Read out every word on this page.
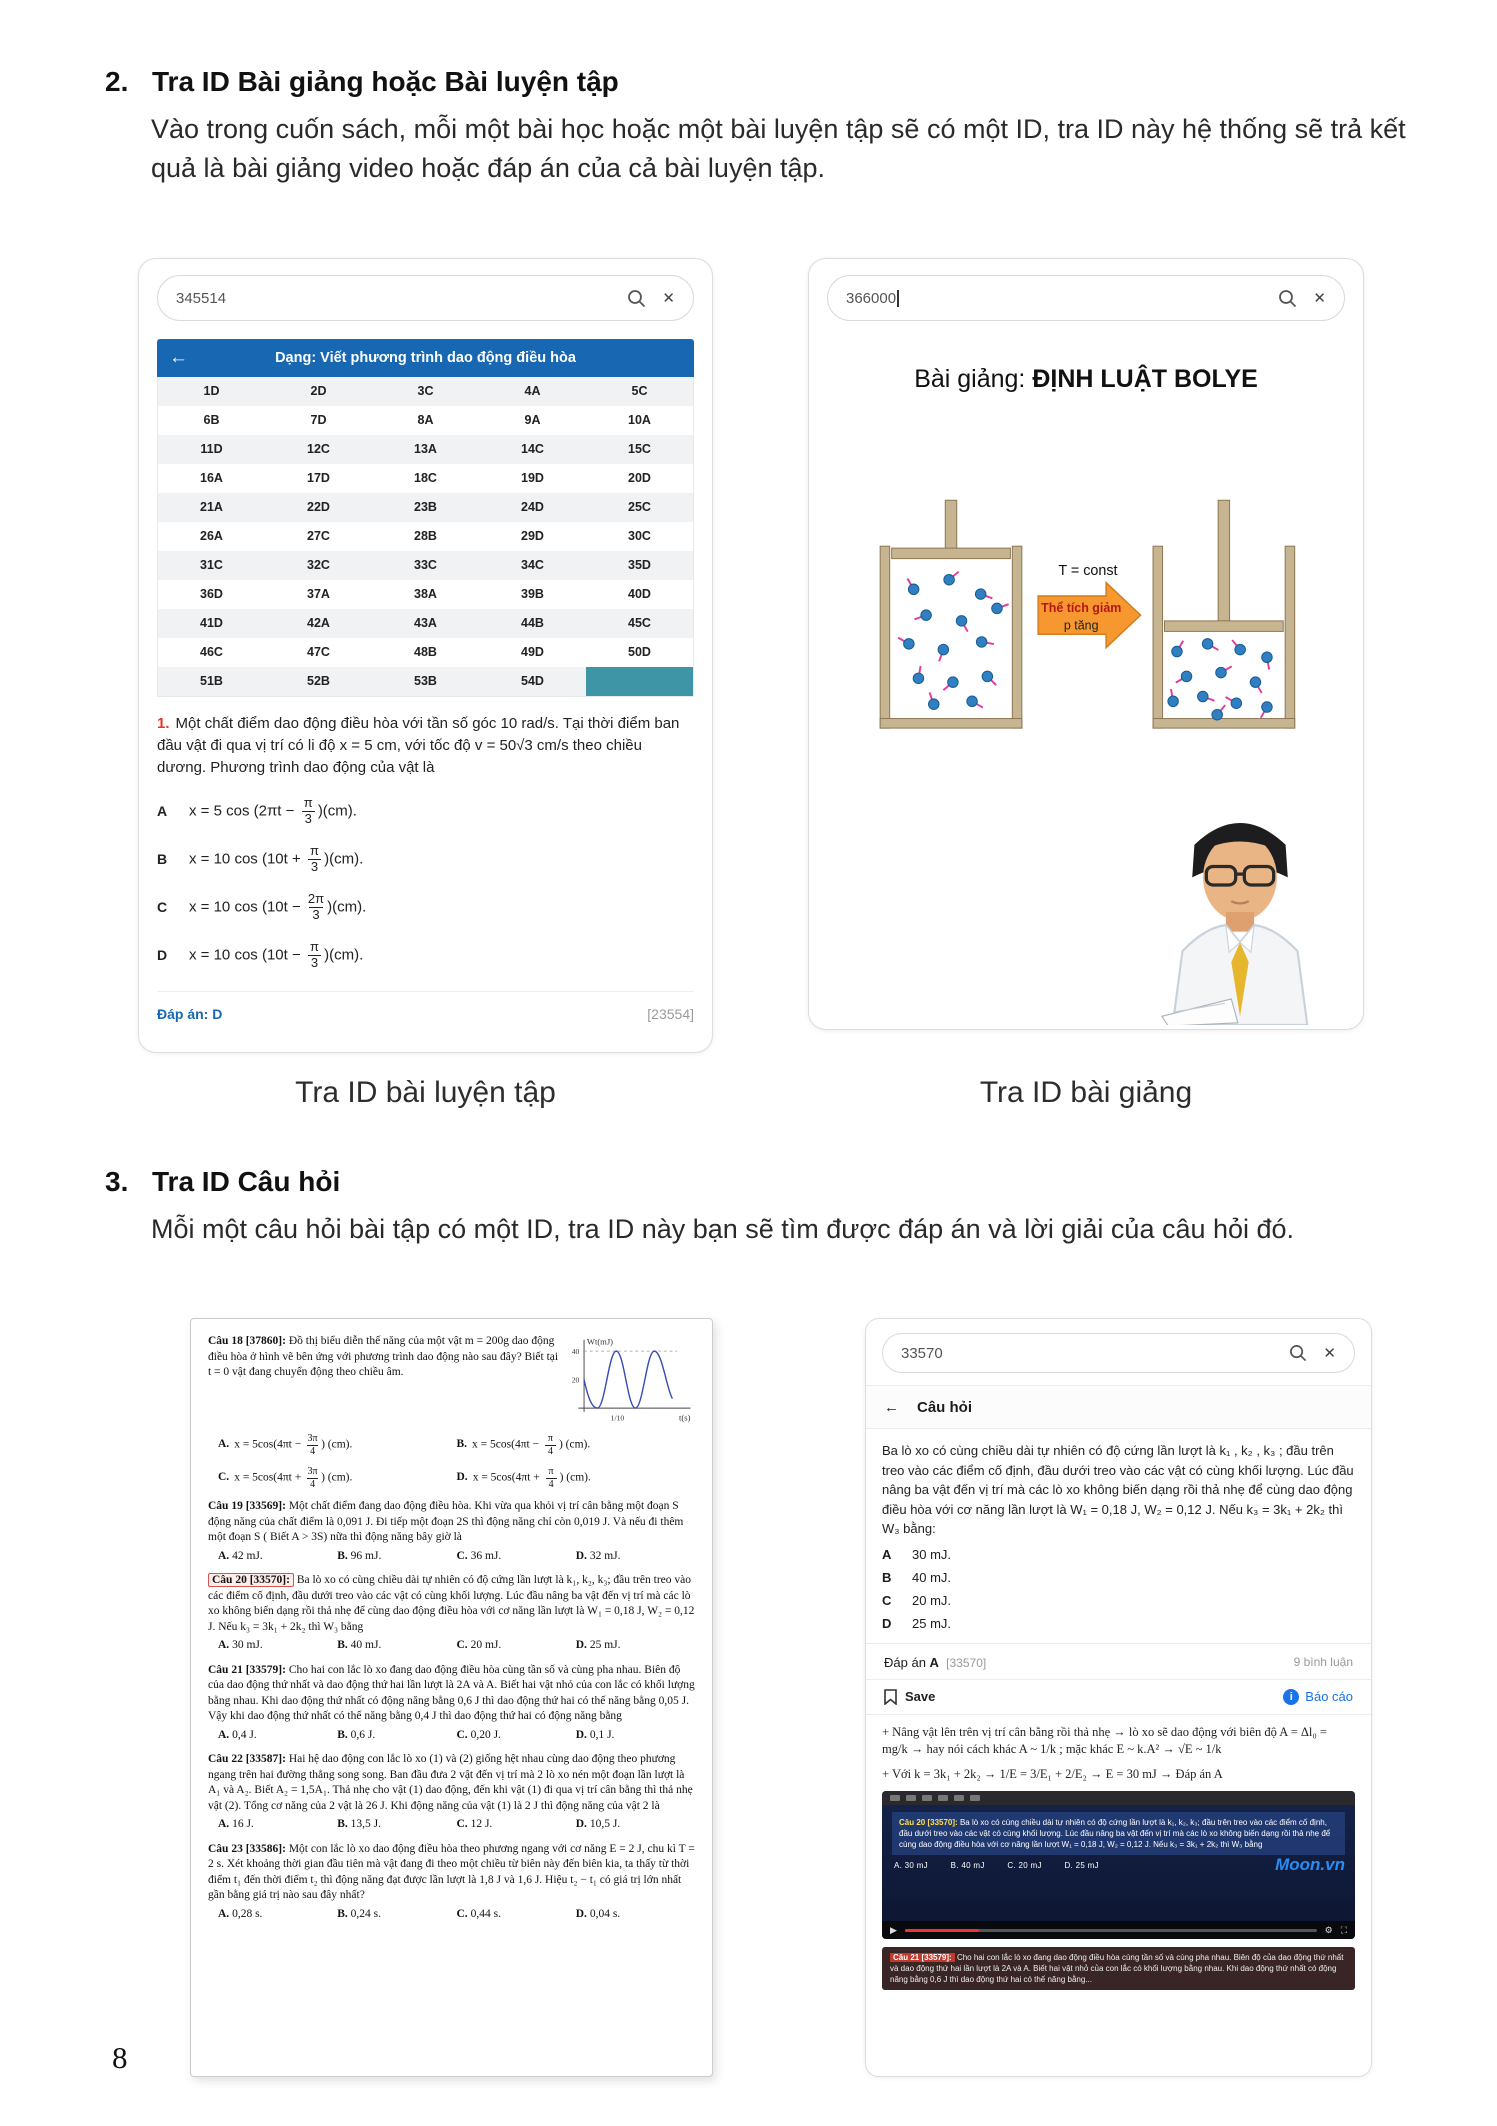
2. Tra ID Bài giảng hoặc Bài luyện tập
Vào trong cuốn sách, mỗi một bài học hoặc một bài luyện tập sẽ có một ID, tra ID này hệ thống sẽ trả kết quả là bài giảng video hoặc đáp án của cả bài luyện tập.
345514	✕
←	Dạng: Viết phương trình dao động điều hòa
1D	2D	3C	4A	5C
6B	7D	8A	9A	10A
11D	12C	13A	14C	15C
16A	17D	18C	19D	20D
21A	22D	23B	24D	25C
26A	27C	28B	29D	30C
31C	32C	33C	34C	35D
36D	37A	38A	39B	40D
41D	42A	43A	44B	45C
46C	47C	48B	49D	50D
51B	52B	53B	54D
1. Một chất điểm dao động điều hòa với tần số góc 10 rad/s. Tại thời điểm ban đầu vật đi qua vị trí có li độ x = 5 cm, với tốc độ v = 50√3 cm/s theo chiều dương. Phương trình dao động của vật là
A	x = 5 $\cos (2\pi t - \frac{\pi}{3} )(cm)$.
B	x = 10 $\cos (10t + \frac{\pi}{3} )(cm)$.
C	x = 10 $\cos (10t - \frac{2\pi}{3} )(cm)$.
D	x = 10 $\cos (10t - \frac{\pi}{3} )(cm)$.
Đáp án: D	[23554]
Tra ID bài luyện tập
366000	✕
Bài giảng: ĐỊNH LUẬT BOLYE
T = const
Thể tích giảm
p tăng
Tra ID bài giảng
3. Tra ID Câu hỏi
Mỗi một câu hỏi bài tập có một ID, tra ID này bạn sẽ tìm được đáp án và lời giải của câu hỏi đó.
Wt(mJ)
t(s)
40
20
1/10
Câu 18 [37860]: Đồ thị biểu diễn thế năng của một vật m = 200g dao động điều hòa ở hình vẽ bên ứng với phương trình dao động nào sau đây? Biết tại t = 0 vật đang chuyển động theo chiều âm.
A. $x = 5\cos(4\pi t - \frac{3\pi}{4}$ ) (cm).	B. $x = 5\cos(4\pi t - \frac{\pi}{4}$ ) (cm).
C. $x = 5\cos(4\pi t + \frac{3\pi}{4}$ ) (cm).	D. $x = 5\cos(4\pi t + \frac{\pi}{4}$ ) (cm).
Câu 19 [33569]: Một chất điểm đang dao động điều hòa. Khi vừa qua khỏi vị trí cân bằng một đoạn S động năng của chất điểm là 0,091 J. Đi tiếp một đoạn 2S thì động năng chỉ còn 0,019 J. Và nếu đi thêm một đoạn S ( Biết A > 3S) nữa thì động năng bây giờ là
A. 42 mJ.	B. 96 mJ.	C. 36 mJ.	D. 32 mJ.
Câu 20 [33570]: Ba lò xo có cùng chiều dài tự nhiên có độ cứng lần lượt là k₁, k₂, k₃; đầu trên treo vào các điểm cố định, đầu dưới treo vào các vật có cùng khối lượng. Lúc đầu nâng ba vật đến vị trí mà các lò xo không biến dạng rồi thả nhẹ để cùng dao động điều hòa với cơ năng lần lượt là W₁ = 0,18 J, W₂ = 0,12 J. Nếu k₃ = 3k₁ + 2k₂ thì W₃ bằng
A. 30 mJ.	B. 40 mJ.	C. 20 mJ.	D. 25 mJ.
Câu 21 [33579]: Cho hai con lắc lò xo đang dao động điều hòa cùng tần số và cùng pha nhau. Biên độ của dao động thứ nhất và dao động thứ hai lần lượt là 2A và A. Biết hai vật nhỏ của con lắc có khối lượng bằng nhau. Khi dao động thứ nhất có động năng bằng 0,6 J thì dao động thứ hai có thế năng bằng 0,05 J. Vậy khi dao động thứ nhất có thế năng bằng 0,4 J thì dao động thứ hai có động năng bằng
A. 0,4 J.	B. 0,6 J.	C. 0,20 J.	D. 0,1 J.
Câu 22 [33587]: Hai hệ dao động con lắc lò xo (1) và (2) giống hệt nhau cùng dao động theo phương ngang trên hai đường thẳng song song. Ban đầu đưa 2 vật đến vị trí mà 2 lò xo nén một đoạn lần lượt là A₁ và A₂. Biết A₂ = 1,5A₁. Thả nhẹ cho vật (1) dao động, đến khi vật (1) đi qua vị trí cân bằng thì thả nhẹ vật (2). Tổng cơ năng của 2 vật là 26 J. Khi động năng của vật (1) là 2 J thì động năng của vật 2 là
A. 16 J.	B. 13,5 J.	C. 12 J.	D. 10,5 J.
Câu 23 [33586]: Một con lắc lò xo dao động điều hòa theo phương ngang với cơ năng E = 2 J, chu kì T = 2 s. Xét khoảng thời gian đầu tiên mà vật đang đi theo một chiều từ biên này đến biên kia, ta thấy từ thời điểm t₁ đến thời điểm t₂ thì động năng đạt được lần lượt là 1,8 J và 1,6 J. Hiệu t₂ − t₁ có giá trị lớn nhất gần bằng giá trị nào sau đây nhất?
A. 0,28 s.	B. 0,24 s.	C. 0,44 s.	D. 0,04 s.
33570	✕
← Câu hỏi
Ba lò xo có cùng chiều dài tự nhiên có độ cứng lần lượt là k₁ , k₂ , k₃ ; đầu trên treo vào các điểm cố định, đầu dưới treo vào các vật có cùng khối lượng. Lúc đầu nâng ba vật đến vị trí mà các lò xo không biến dạng rồi thả nhẹ để cùng dao động điều hòa với cơ năng lần lượt là W₁ = 0,18 J, W₂ = 0,12 J. Nếu k₃ = 3k₁ + 2k₂ thì W₃ bằng:
A	30 mJ.
B	40 mJ.
C	20 mJ.
D	25 mJ.
Đáp án A [33570]	9 bình luận
Save	i Báo cáo
+ Nâng vật lên trên vị trí cân bằng rồi thả nhẹ → lò xo sẽ dao động với biên độ A = Δl₀ = mg/k → hay nói cách khác A ~ 1/k ; mặc khác E ~ k.A² → √E ~ 1/k
+ Với k = 3k₁ + 2k₂ → 1/E = 3/E₁ + 2/E₂ → E = 30 mJ → Đáp án A
Câu 20 [33570]: Ba lò xo có cùng chiều dài tự nhiên có độ cứng lần lượt là k₁, k₂, k₃; đầu trên treo vào các điểm cố định, đầu dưới treo vào các vật có cùng khối lượng. Lúc đầu nâng ba vật đến vị trí mà các lò xo không biến dạng rồi thả nhẹ để cùng dao động điều hòa với cơ năng lần lượt W₁ = 0,18 J, W₂ = 0,12 J. Nếu k₃ = 3k₁ + 2k₂ thì W₃ bằng
A. 30 mJ         B. 40 mJ         C. 20 mJ         D. 25 mJ	Moon.vn
▶	⚙ ⛶
Câu 21 [33579]: Cho hai con lắc lò xo đang dao động điều hòa cùng tần số và cùng pha nhau. Biên độ của dao động thứ nhất và dao động thứ hai lần lượt là 2A và A. Biết hai vật nhỏ của con lắc có khối lượng bằng nhau. Khi dao động thứ nhất có động năng bằng 0,6 J thì dao động thứ hai có thế năng bằng...
8
